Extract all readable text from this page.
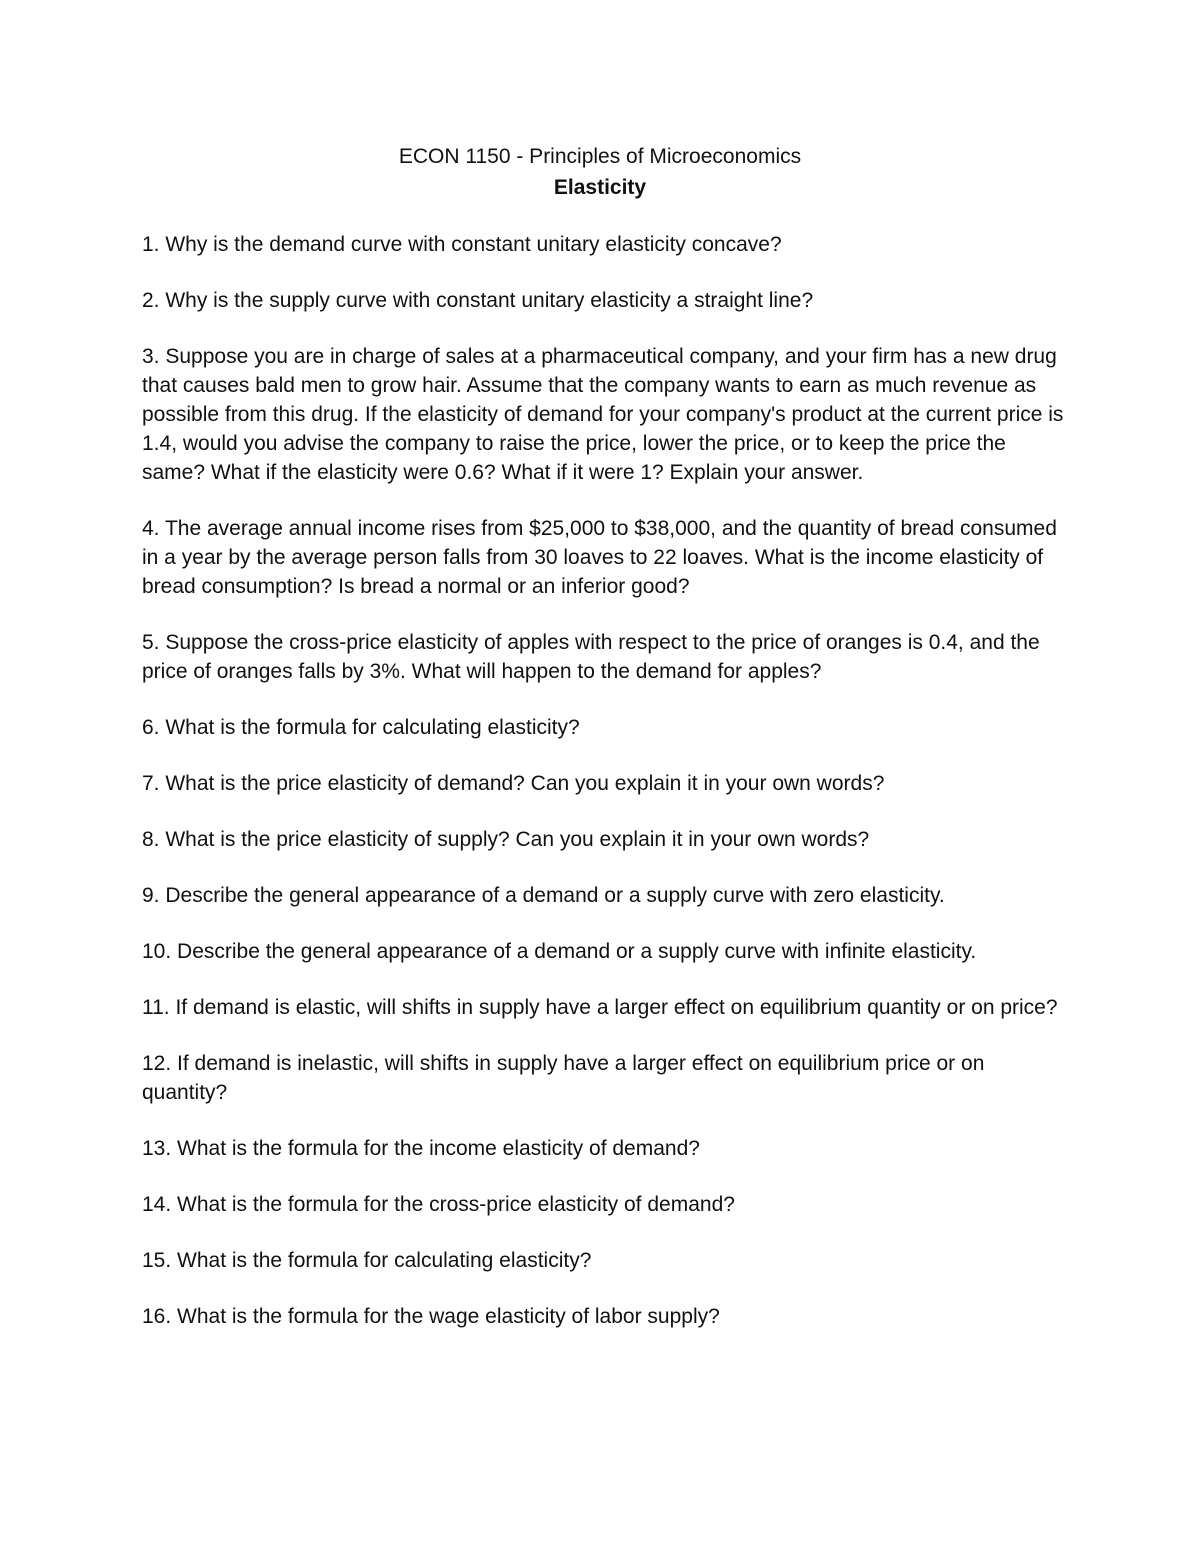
ECON 1150 - Principles of Microeconomics

Elasticity

1. Why is the demand curve with constant unitary elasticity concave?

2. Why is the supply curve with constant unitary elasticity a straight line?

3. Suppose you are in charge of sales at a pharmaceutical company, and your firm has a new drug that causes bald men to grow hair. Assume that the company wants to earn as much revenue as possible from this drug. If the elasticity of demand for your company's product at the current price is 1.4, would you advise the company to raise the price, lower the price, or to keep the price the same? What if the elasticity were 0.6? What if it were 1? Explain your answer.

4. The average annual income rises from $25,000 to $38,000, and the quantity of bread consumed in a year by the average person falls from 30 loaves to 22 loaves. What is the income elasticity of bread consumption? Is bread a normal or an inferior good?

5. Suppose the cross-price elasticity of apples with respect to the price of oranges is 0.4, and the price of oranges falls by 3%. What will happen to the demand for apples?

6. What is the formula for calculating elasticity?

7. What is the price elasticity of demand? Can you explain it in your own words?

8. What is the price elasticity of supply? Can you explain it in your own words?

9. Describe the general appearance of a demand or a supply curve with zero elasticity.

10. Describe the general appearance of a demand or a supply curve with infinite elasticity.

11. If demand is elastic, will shifts in supply have a larger effect on equilibrium quantity or on price?

12. If demand is inelastic, will shifts in supply have a larger effect on equilibrium price or on quantity?

13. What is the formula for the income elasticity of demand?

14. What is the formula for the cross-price elasticity of demand?

15. What is the formula for calculating elasticity?

16. What is the formula for the wage elasticity of labor supply?
